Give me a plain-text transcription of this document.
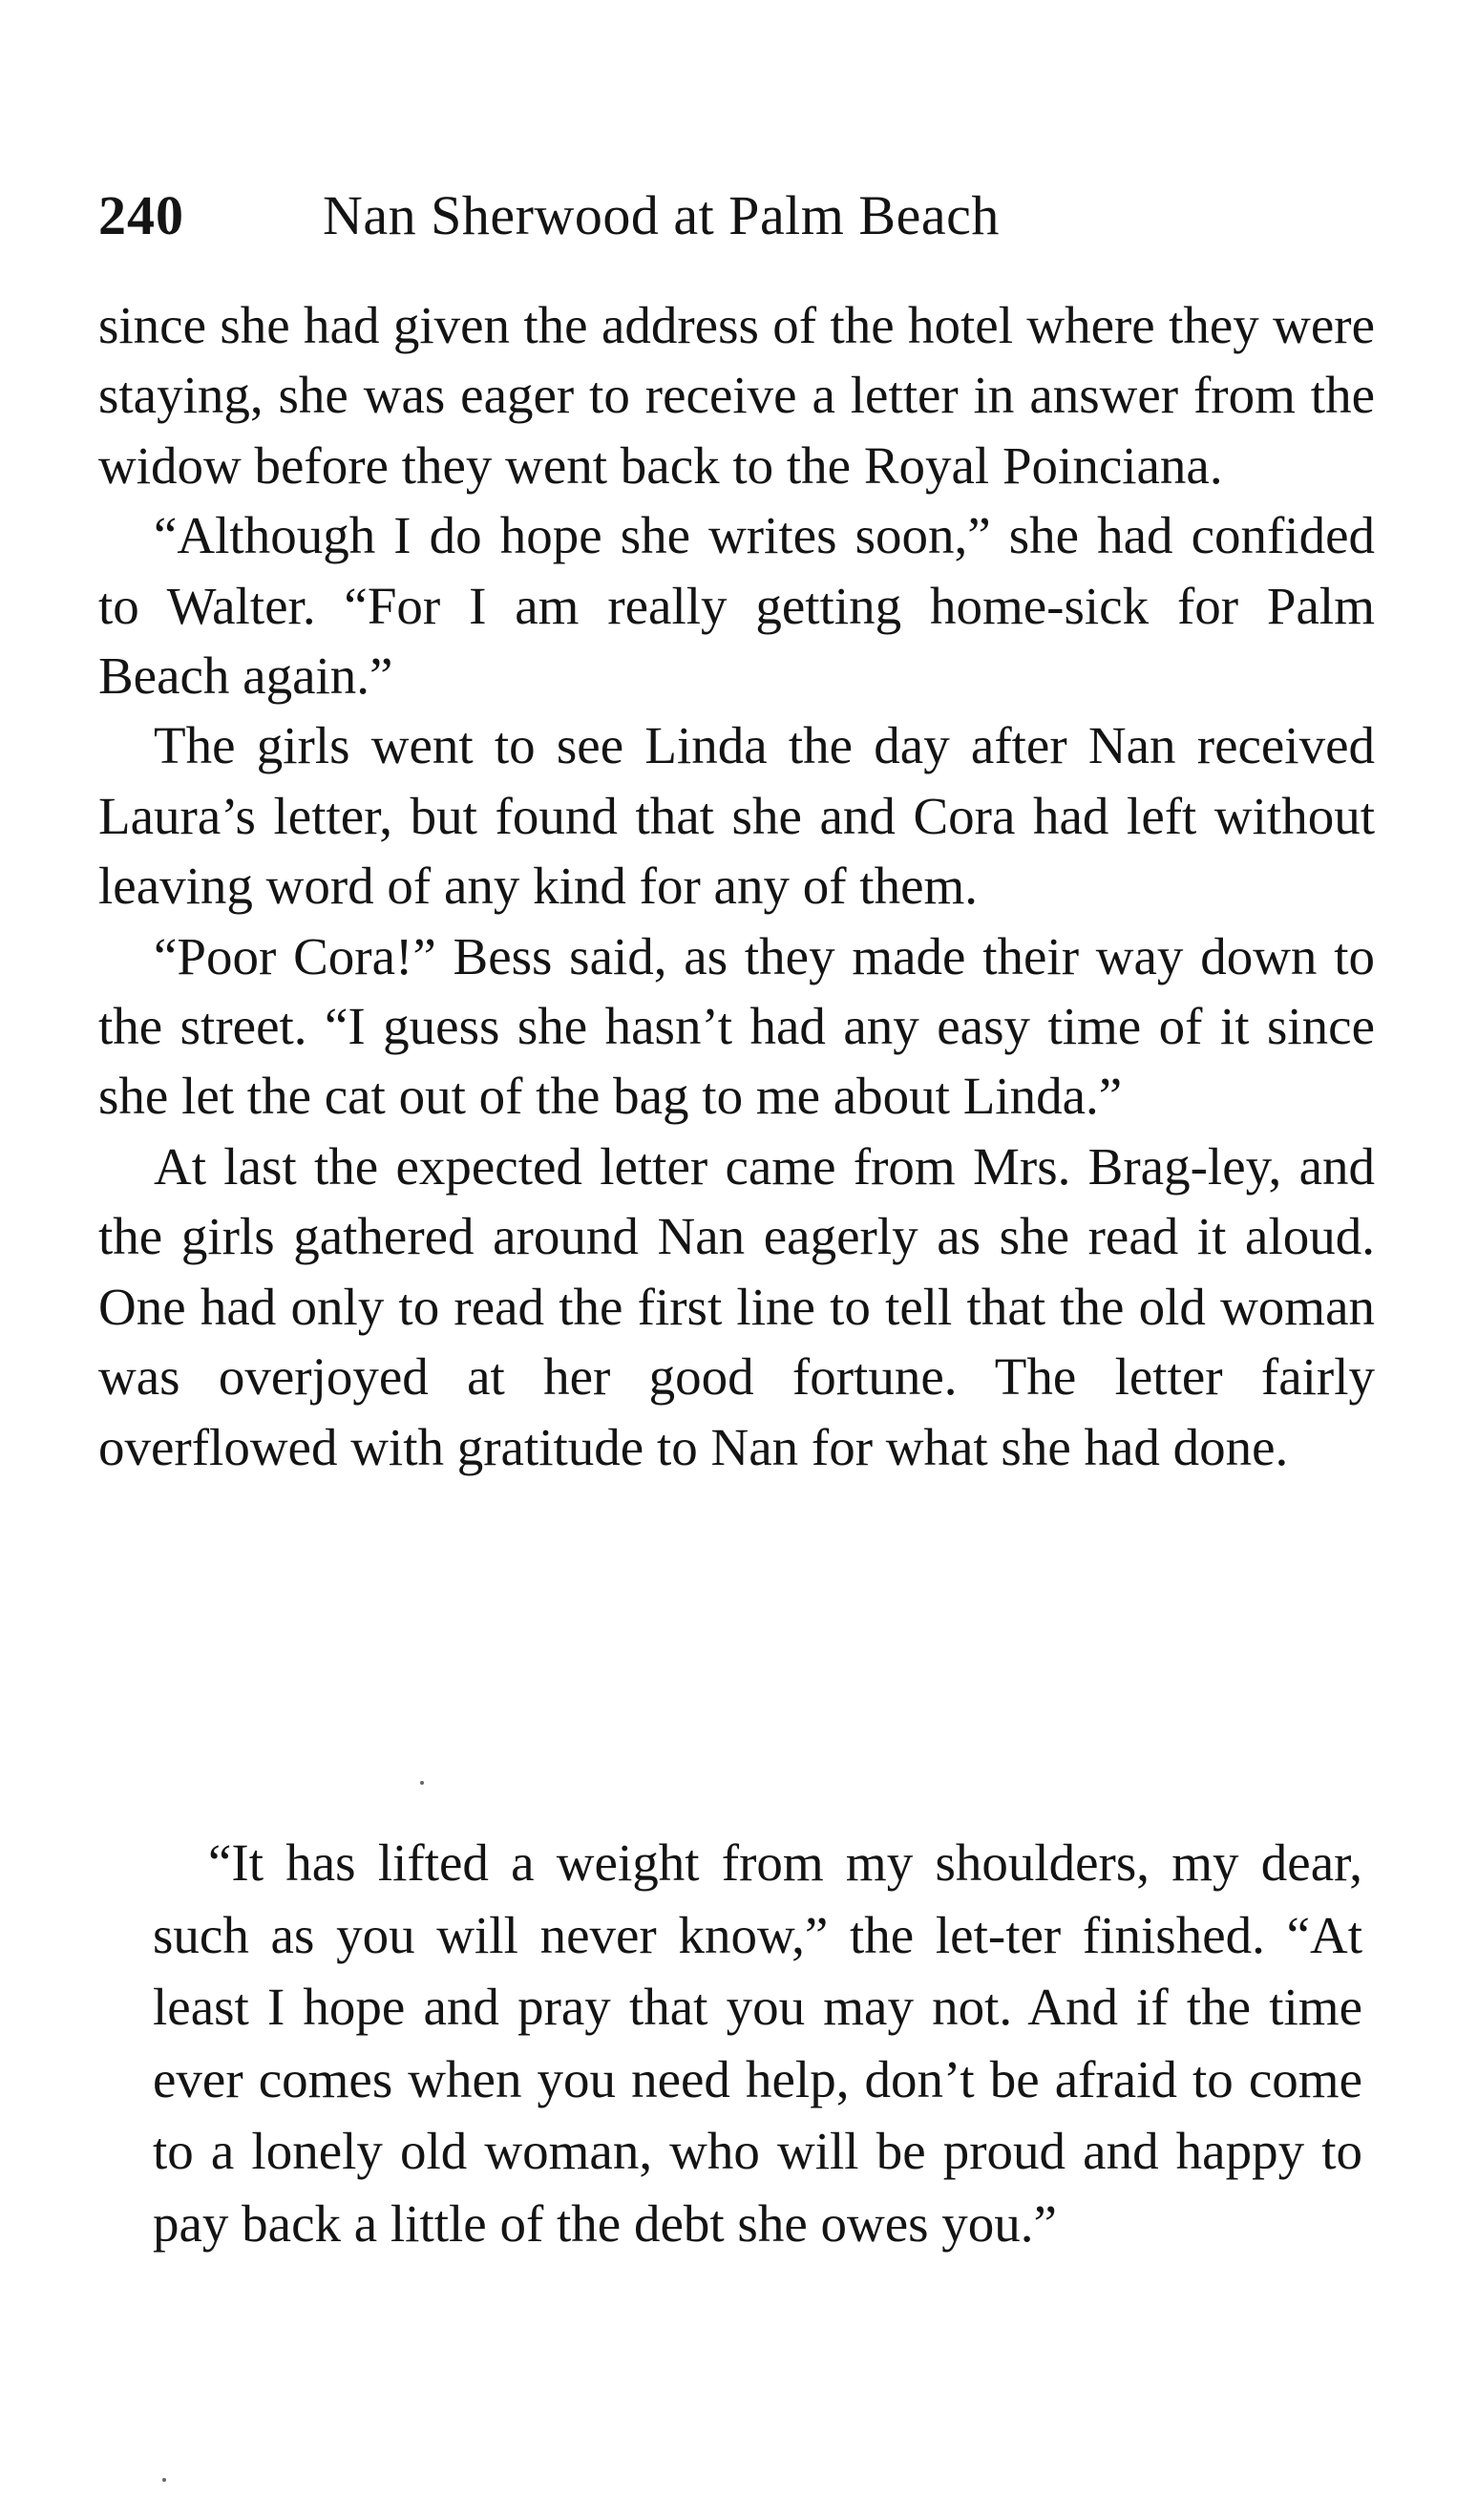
240	Nan Sherwood at Palm Beach

since she had given the address of the hotel where they were staying, she was eager to receive a letter in answer from the widow before they went back to the Royal Poinciana.

“Although I do hope she writes soon,” she had confided to Walter. “For I am really getting home-sick for Palm Beach again.”

The girls went to see Linda the day after Nan received Laura’s letter, but found that she and Cora had left without leaving word of any kind for any of them.

“Poor Cora!” Bess said, as they made their way down to the street. “I guess she hasn’t had any easy time of it since she let the cat out of the bag to me about Linda.”

At last the expected letter came from Mrs. Brag-ley, and the girls gathered around Nan eagerly as she read it aloud. One had only to read the first line to tell that the old woman was overjoyed at her good fortune. The letter fairly overflowed with gratitude to Nan for what she had done.

“It has lifted a weight from my shoulders, my dear, such as you will never know,” the let-ter finished. “At least I hope and pray that you may not. And if the time ever comes when you need help, don’t be afraid to come to a lonely old woman, who will be proud and happy to pay back a little of the debt she owes you.”
